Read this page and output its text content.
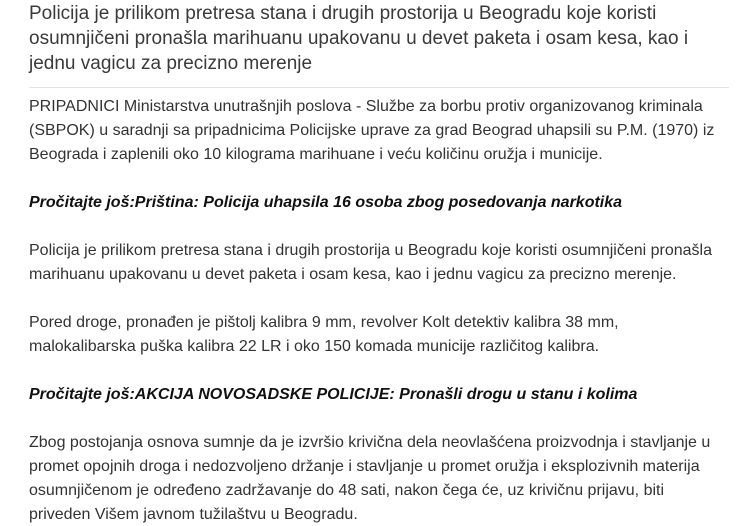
Policija je prilikom pretresa stana i drugih prostorija u Beogradu koje koristi osumnjičeni pronašla marihuanu upakovanu u devet paketa i osam kesa, kao i jednu vagicu za precizno merenje

PRIPADNICI Ministarstva unutrašnjih poslova - Službe za borbu protiv organizovanog kriminala (SBPOK) u saradnji sa pripadnicima Policijske uprave za grad Beograd uhapsili su P.M. (1970) iz Beograda i zaplenili oko 10 kilograma marihuane i veću količinu oružja i municije.

Pročitajte još:Priština: Policija uhapsila 16 osoba zbog posedovanja narkotika

Policija je prilikom pretresa stana i drugih prostorija u Beogradu koje koristi osumnjičeni pronašla marihuanu upakovanu u devet paketa i osam kesa, kao i jednu vagicu za precizno merenje.

Pored droge, pronađen je pištolj kalibra 9 mm, revolver Kolt detektiv kalibra 38 mm, malokalibarska puška kalibra 22 LR i oko 150 komada municije različitog kalibra.

Pročitajte još:AKCIJA NOVOSADSKE POLICIJE: Pronašli drogu u stanu i kolima

Zbog postojanja osnova sumnje da je izvršio krivična dela neovlašćena proizvodnja i stavljanje u promet opojnih droga i nedozvoljeno držanje i stavljanje u promet oružja i eksplozivnih materija osumnjičenom je određeno zadržavanje do 48 sati, nakon čega će, uz krivičnu prijavu, biti priveden Višem javnom tužilaštvu u Beogradu.
